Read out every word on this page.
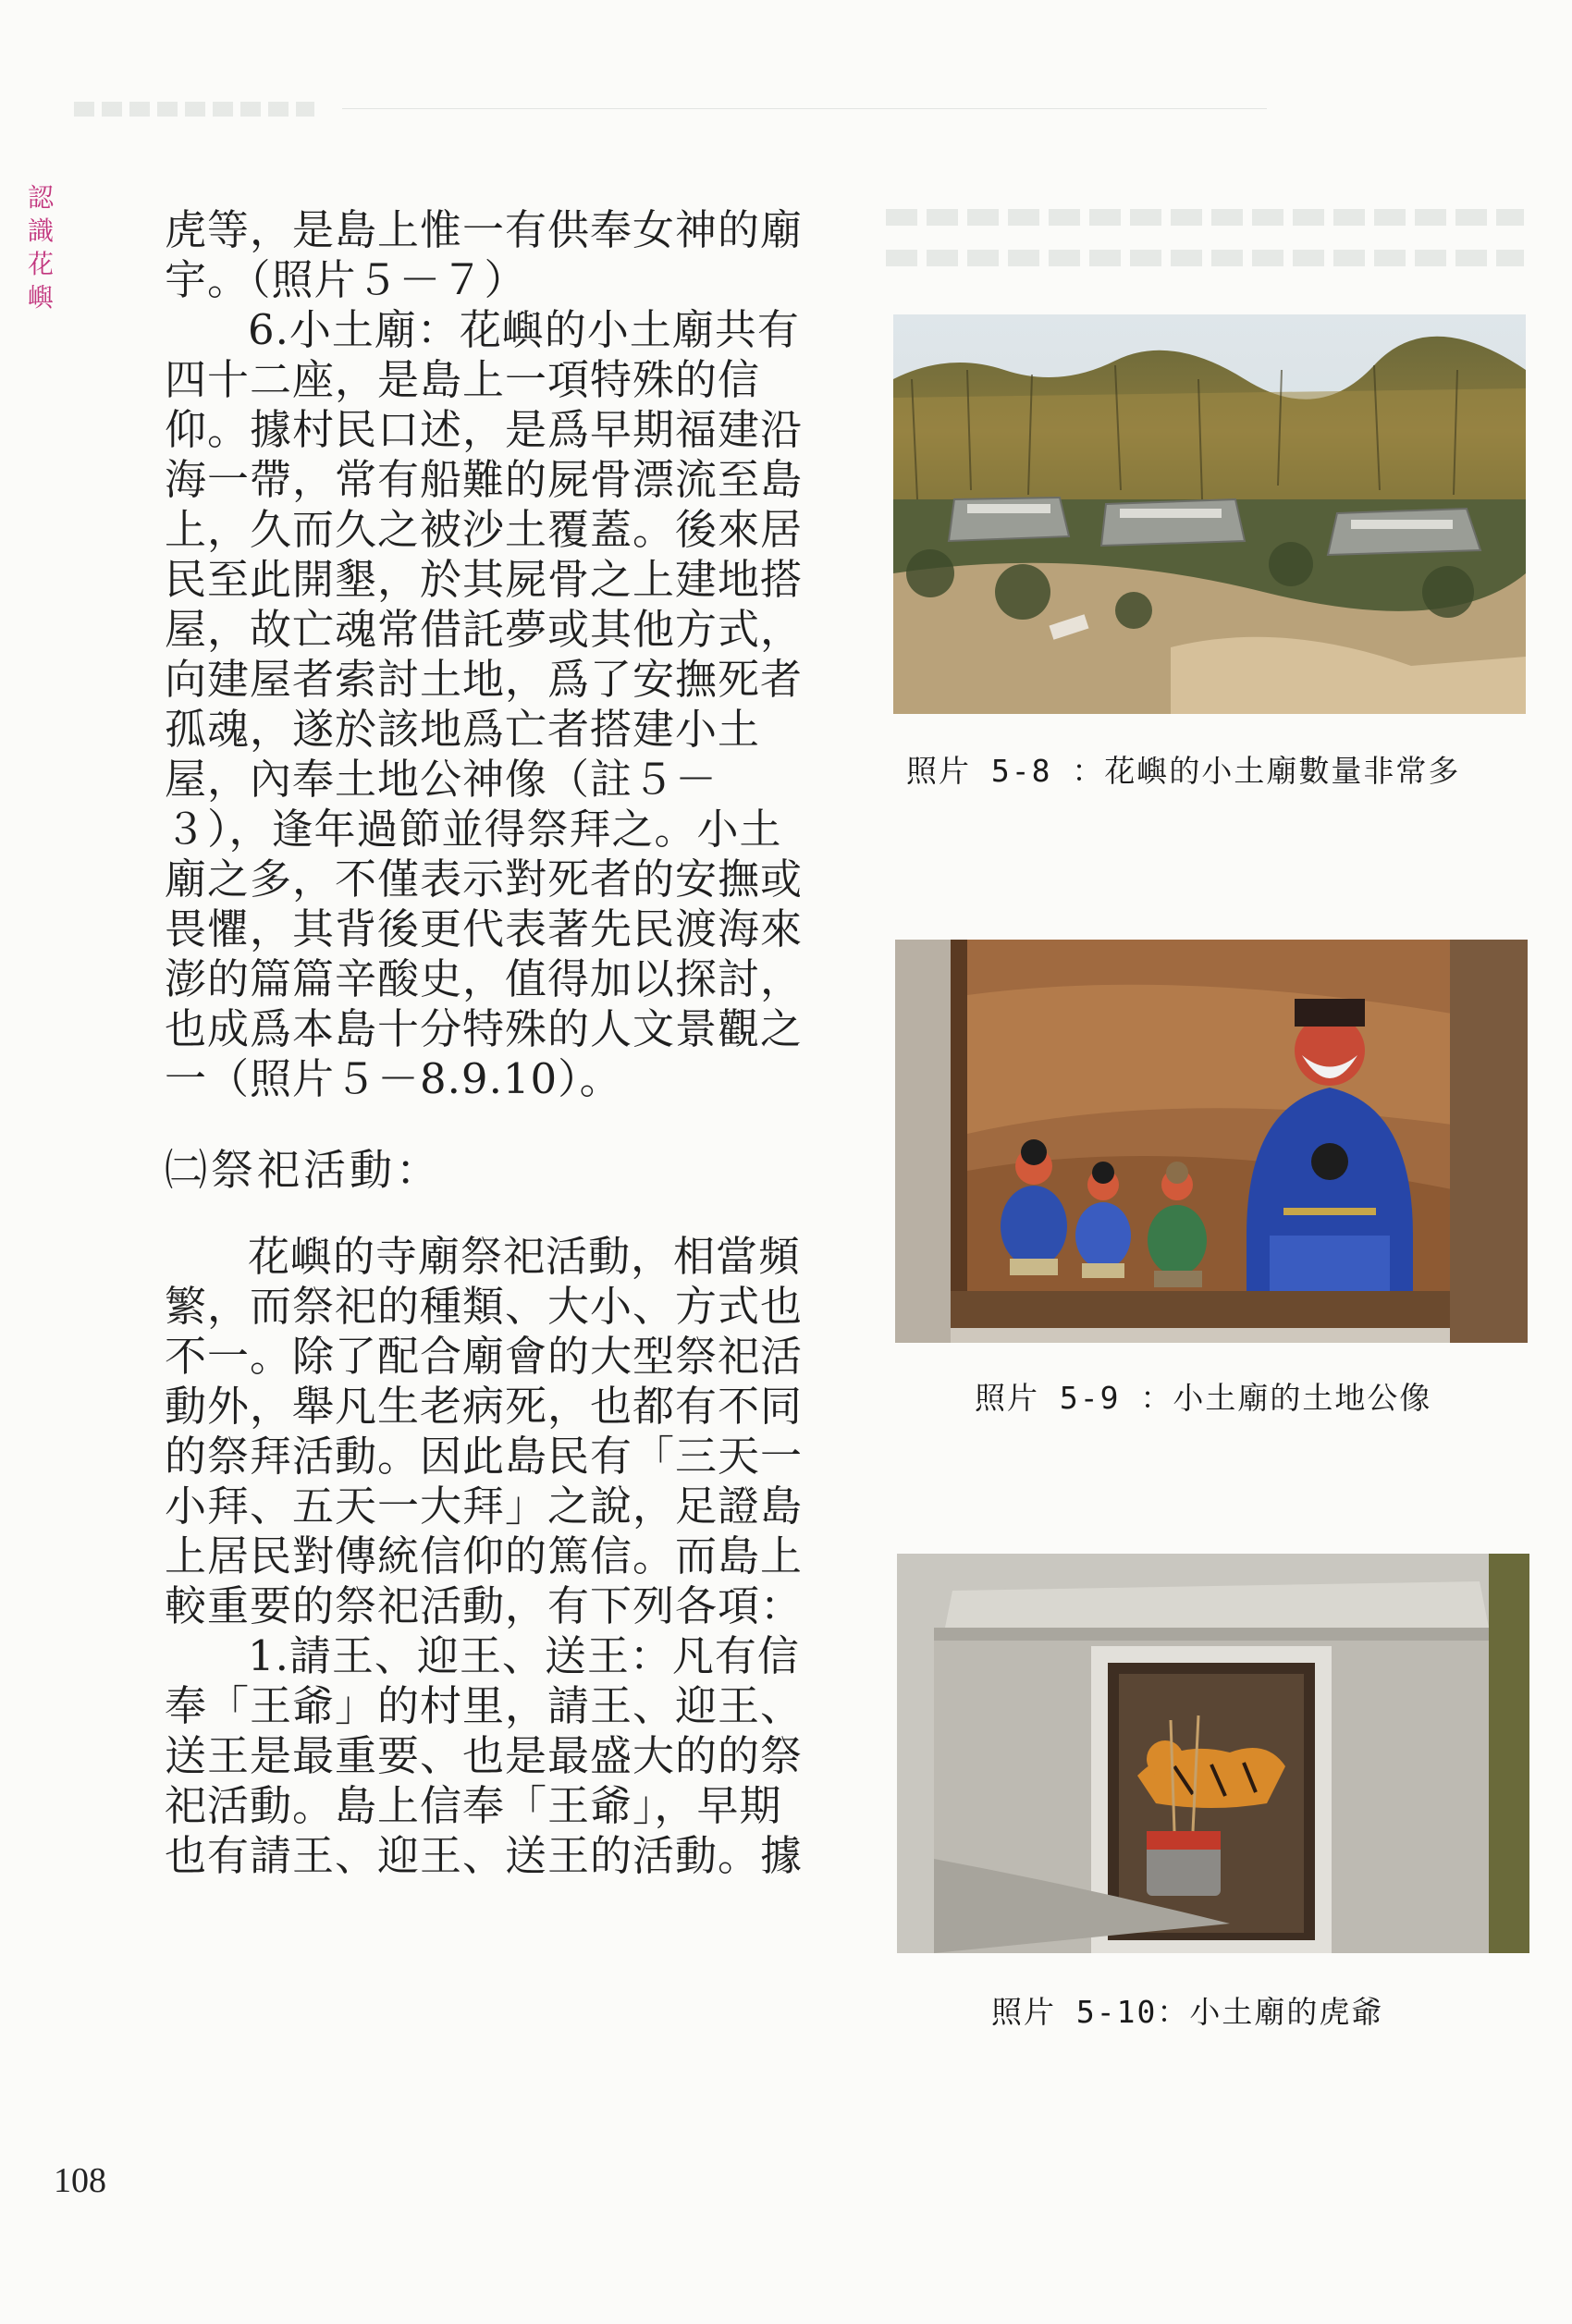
認
識
花
嶼

虎等，是島上惟一有供奉女神的廟宇。（照片５－７）

6.小土廟：花嶼的小土廟共有四十二座，是島上一項特殊的信仰。據村民口述，是爲早期福建沿海一帶，常有船難的屍骨漂流至島上，久而久之被沙土覆蓋。後來居民至此開墾，於其屍骨之上建地搭屋，故亡魂常借託夢或其他方式，向建屋者索討土地，爲了安撫死者孤魂，遂於該地爲亡者搭建小土屋，內奉土地公神像（註５－３），逢年過節並得祭拜之。小土廟之多，不僅表示對死者的安撫或畏懼，其背後更代表著先民渡海來澎的篇篇辛酸史，值得加以探討，也成爲本島十分特殊的人文景觀之一（照片５－8.9.10）。

㈡祭祀活動：

花嶼的寺廟祭祀活動，相當頻繁，而祭祀的種類、大小、方式也不一。除了配合廟會的大型祭祀活動外，舉凡生老病死，也都有不同的祭拜活動。因此島民有「三天一小拜、五天一大拜」之說，足證島上居民對傳統信仰的篤信。而島上較重要的祭祀活動，有下列各項：

1.請王、迎王、送王：凡有信奉「王爺」的村里，請王、迎王、送王是最重要、也是最盛大的的祭祀活動。島上信奉「王爺」，早期也有請王、迎王、送王的活動。據

照片 5-8 ：花嶼的小土廟數量非常多
照片 5-9 ：小土廟的土地公像
照片 5-10：小土廟的虎爺
108
